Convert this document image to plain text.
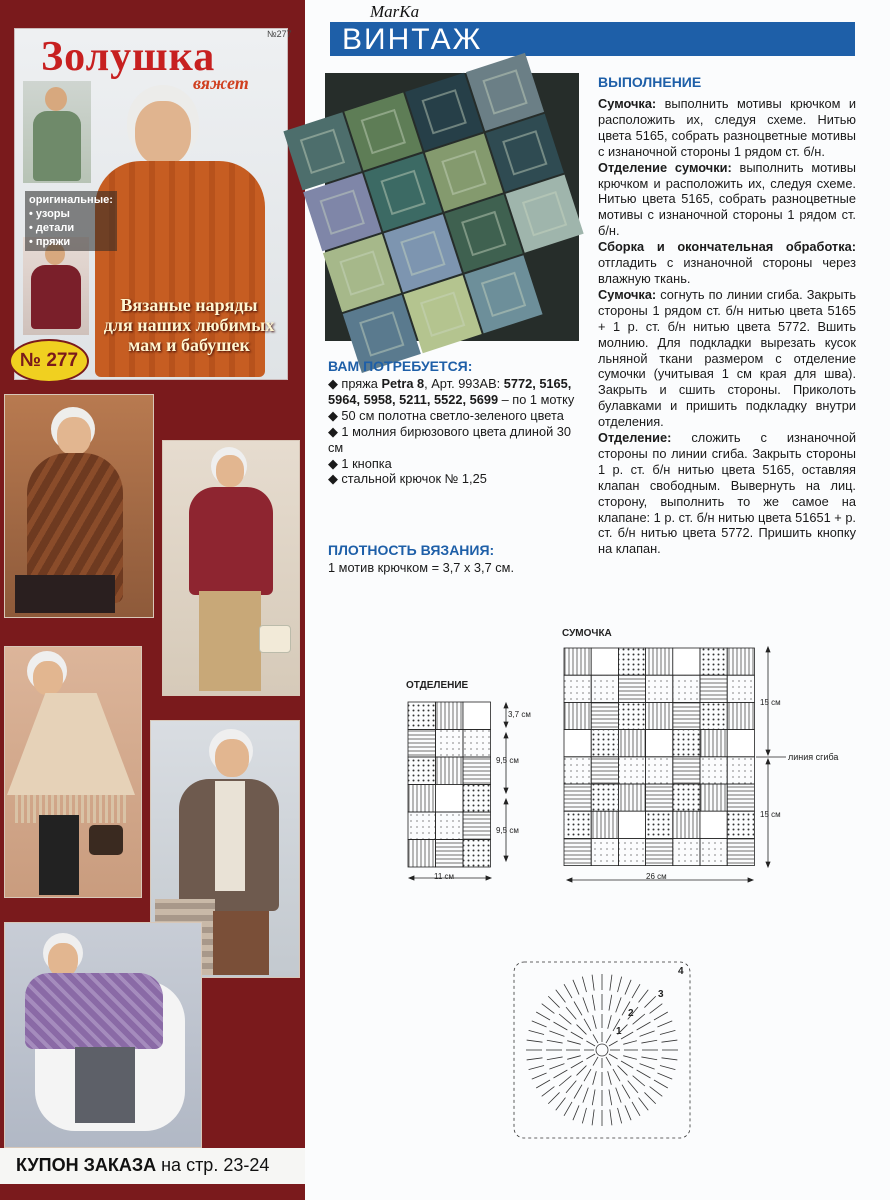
№277
Золушка
вяжет
оригинальные:
• узоры
• детали
• пряжи
Вязаные наряды
для наших любимых
мам и бабушек
№ 277
КУПОН ЗАКАЗА на стр. 23-24
MarKa
ВИНТАЖ
ВАМ ПОТРЕБУЕТСЯ:

◆ пряжа Petra 8, Арт. 993АВ: 5772, 5165, 5964, 5958, 5211, 5522, 5699 – по 1 мотку

◆ 50 см полотна светло-зеленого цвета

◆ 1 молния бирюзового цвета длиной 30 см

◆ 1 кнопка

◆ стальной крючок № 1,25

ПЛОТНОСТЬ ВЯЗАНИЯ:
1 мотив крючком = 3,7 х 3,7 см.
ВЫПОЛНЕНИЕ

Сумочка: выполнить мотивы крючком и расположить их, следуя схеме. Нитью цвета 5165, собрать разноцветные мотивы с изнаночной стороны 1 рядом ст. б/н.

Отделение сумочки: выполнить мотивы крючком и расположить их, следуя схеме. Нитью цвета 5165, собрать разноцветные мотивы с изнаночной стороны 1 рядом ст. б/н.

Сборка и окончательная обработка: отгладить с изнаночной стороны через влажную ткань.

Сумочка: согнуть по линии сгиба. Закрыть стороны 1 рядом ст. б/н нитью цвета 5165 + 1 р. ст. б/н нитью цвета 5772. Вшить молнию. Для подкладки вырезать кусок льняной ткани размером с отделение сумочки (учитывая 1 см края для шва). Закрыть и сшить стороны. Приколоть булавками и пришить подкладку внутри отделения.

Отделение: сложить с изнаночной стороны по линии сгиба. Закрыть стороны 1 р. ст. б/н нитью цвета 5165, оставляя клапан свободным. Вывернуть на лиц. сторону, выполнить то же самое на клапане: 1 р. ст. б/н нитью цвета 51651 + р. ст. б/н нитью цвета 5772. Пришить кнопку на клапан.

ОТДЕЛЕНИЕ
3,7 см
9,5 см
9,5 см
11 см
СУМОЧКА
15 см
15 см
линия сгиба
26 см
1
2
3
4
